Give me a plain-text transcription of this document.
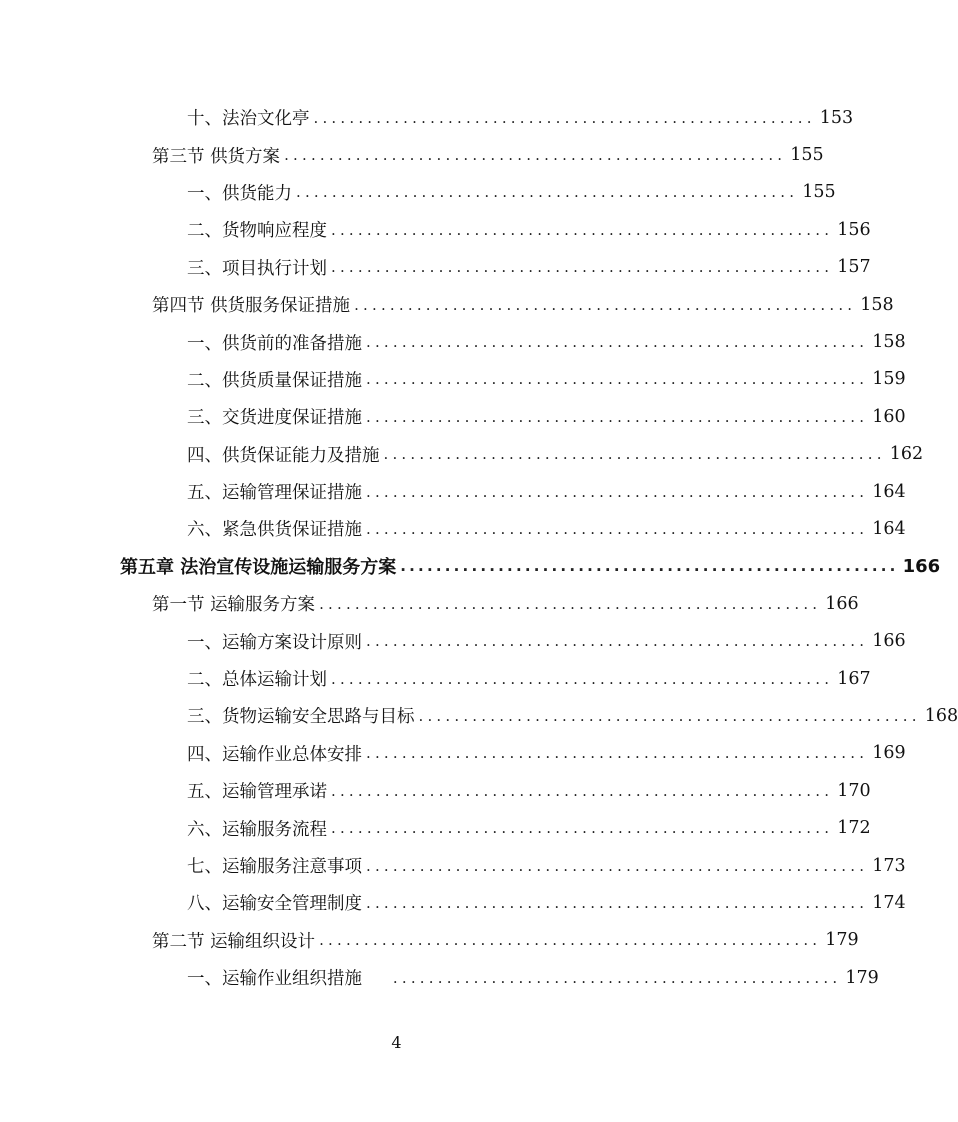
十、法治文化亭 ........................................................ 153
第三节 供货方案 ........................................................ 155
一、供货能力 ........................................................ 155
二、货物响应程度 ........................................................ 156
三、项目执行计划 ........................................................ 157
第四节 供货服务保证措施 ........................................................ 158
一、供货前的准备措施 ........................................................ 158
二、供货质量保证措施 ........................................................ 159
三、交货进度保证措施 ........................................................ 160
四、供货保证能力及措施 ........................................................ 162
五、运输管理保证措施 ........................................................ 164
六、紧急供货保证措施 ........................................................ 164
第五章 法治宣传设施运输服务方案 ........................................................ 166
第一节 运输服务方案 ........................................................ 166
一、运输方案设计原则 ........................................................ 166
二、总体运输计划 ........................................................ 167
三、货物运输安全思路与目标 ........................................................ 168
四、运输作业总体安排 ........................................................ 169
五、运输管理承诺 ........................................................ 170
六、运输服务流程 ........................................................ 172
七、运输服务注意事项 ........................................................ 173
八、运输安全管理制度 ........................................................ 174
第二节 运输组织设计 ........................................................ 179
一、运输作业组织措施 .................................................. 179
4
